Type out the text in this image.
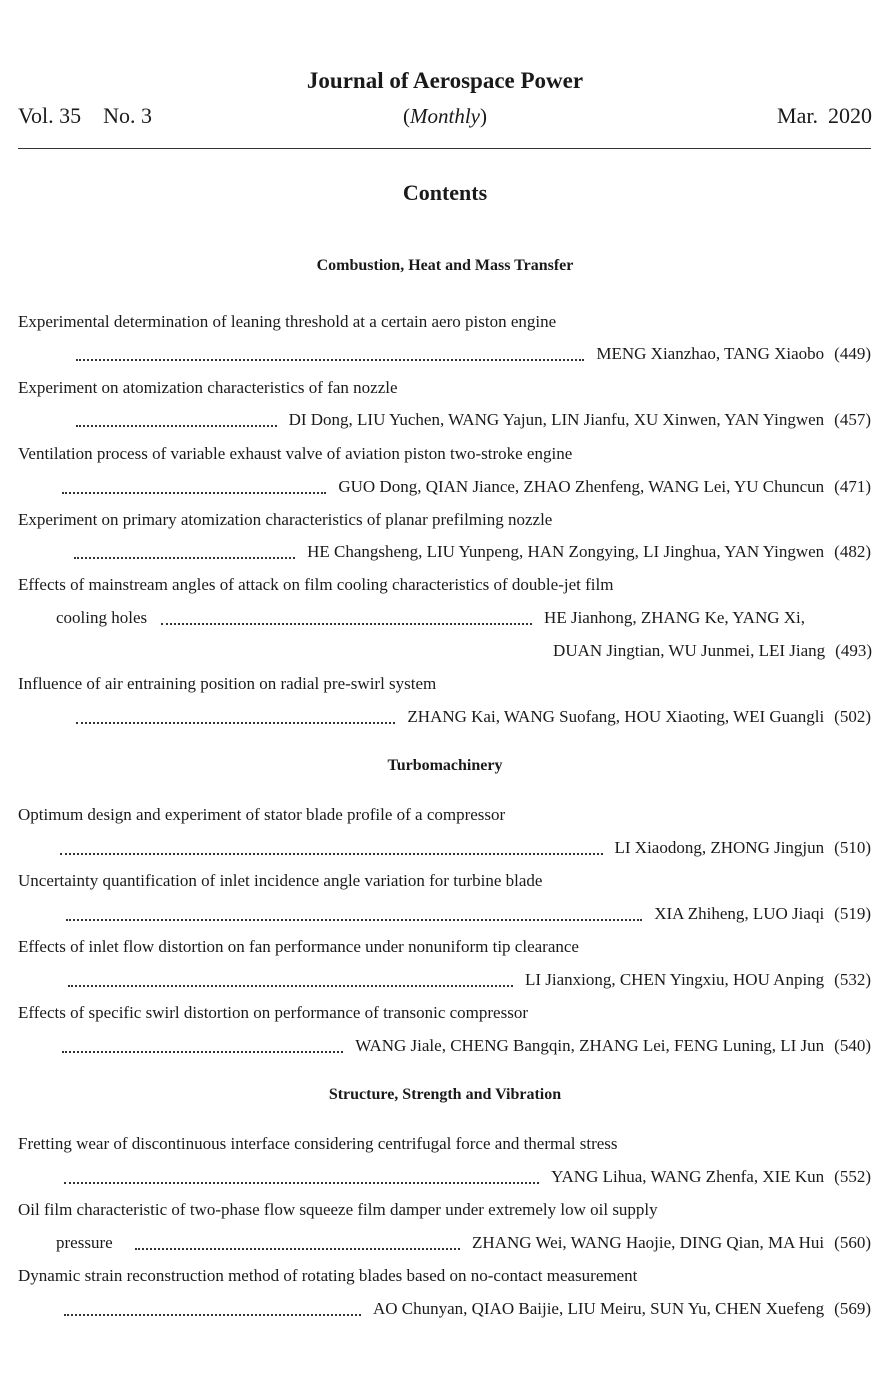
Journal of Aerospace Power
Vol. 35 No. 3	(Monthly)	Mar. 2020
Contents
Combustion, Heat and Mass Transfer
Experimental determination of leaning threshold at a certain aero piston engine
MENG Xianzhao, TANG Xiaobo (449)
Experiment on atomization characteristics of fan nozzle
DI Dong, LIU Yuchen, WANG Yajun, LIN Jianfu, XU Xinwen, YAN Yingwen (457)
Ventilation process of variable exhaust valve of aviation piston two-stroke engine
GUO Dong, QIAN Jiance, ZHAO Zhenfeng, WANG Lei, YU Chuncun (471)
Experiment on primary atomization characteristics of planar prefilming nozzle
HE Changsheng, LIU Yunpeng, HAN Zongying, LI Jinghua, YAN Yingwen (482)
Effects of mainstream angles of attack on film cooling characteristics of double-jet film
cooling holes	HE Jianhong, ZHANG Ke, YANG Xi,
DUAN Jingtian, WU Junmei, LEI Jiang (493)
Influence of air entraining position on radial pre-swirl system
ZHANG Kai, WANG Suofang, HOU Xiaoting, WEI Guangli (502)
Turbomachinery
Optimum design and experiment of stator blade profile of a compressor
LI Xiaodong, ZHONG Jingjun (510)
Uncertainty quantification of inlet incidence angle variation for turbine blade
XIA Zhiheng, LUO Jiaqi (519)
Effects of inlet flow distortion on fan performance under nonuniform tip clearance
LI Jianxiong, CHEN Yingxiu, HOU Anping (532)
Effects of specific swirl distortion on performance of transonic compressor
WANG Jiale, CHENG Bangqin, ZHANG Lei, FENG Luning, LI Jun (540)
Structure, Strength and Vibration
Fretting wear of discontinuous interface considering centrifugal force and thermal stress
YANG Lihua, WANG Zhenfa, XIE Kun (552)
Oil film characteristic of two-phase flow squeeze film damper under extremely low oil supply
pressure	ZHANG Wei, WANG Haojie, DING Qian, MA Hui (560)
Dynamic strain reconstruction method of rotating blades based on no-contact measurement
AO Chunyan, QIAO Baijie, LIU Meiru, SUN Yu, CHEN Xuefeng (569)
